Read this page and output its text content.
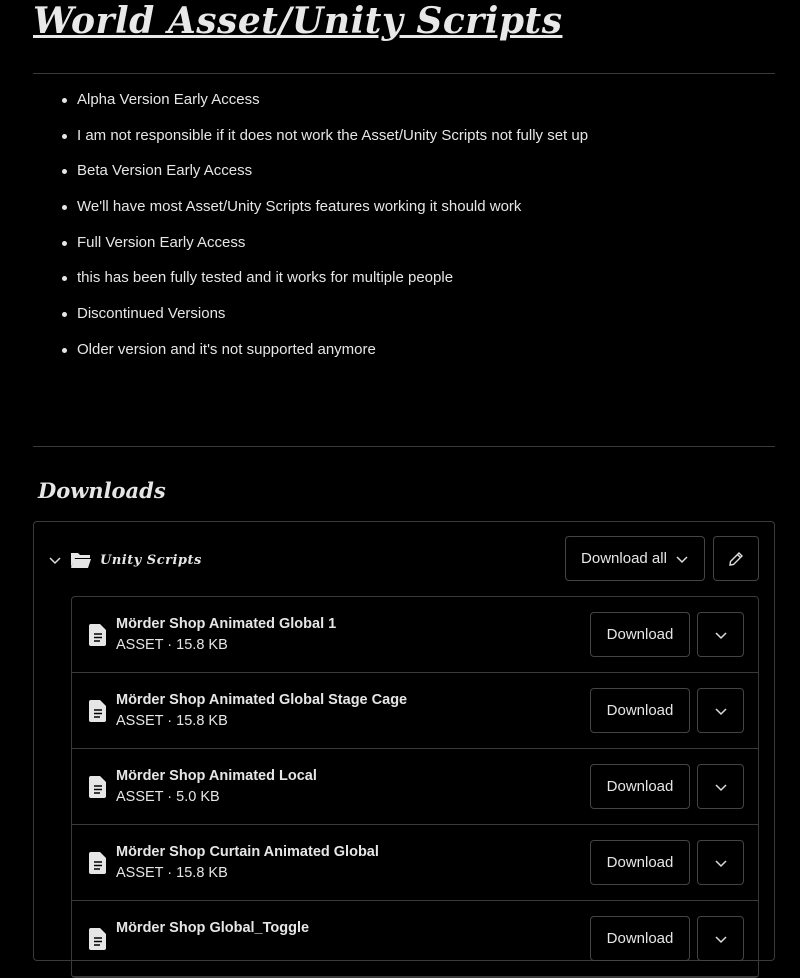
World Asset/Unity Scripts
Alpha Version Early Access
I am not responsible if it does not work the Asset/Unity Scripts not fully set up
Beta Version Early Access
We'll have most Asset/Unity Scripts features working it should work
Full Version Early Access
this has been fully tested and it works for multiple people
Discontinued Versions
Older version and it's not supported anymore
Downloads
Unity Scripts	Download all
Mörder Shop Animated Global 1
ASSET · 15.8 KB
Download
Mörder Shop Animated Global Stage Cage
ASSET · 15.8 KB
Download
Mörder Shop Animated Local
ASSET · 5.0 KB
Download
Mörder Shop Curtain Animated Global
ASSET · 15.8 KB
Download
Mörder Shop Global_Toggle
Download
